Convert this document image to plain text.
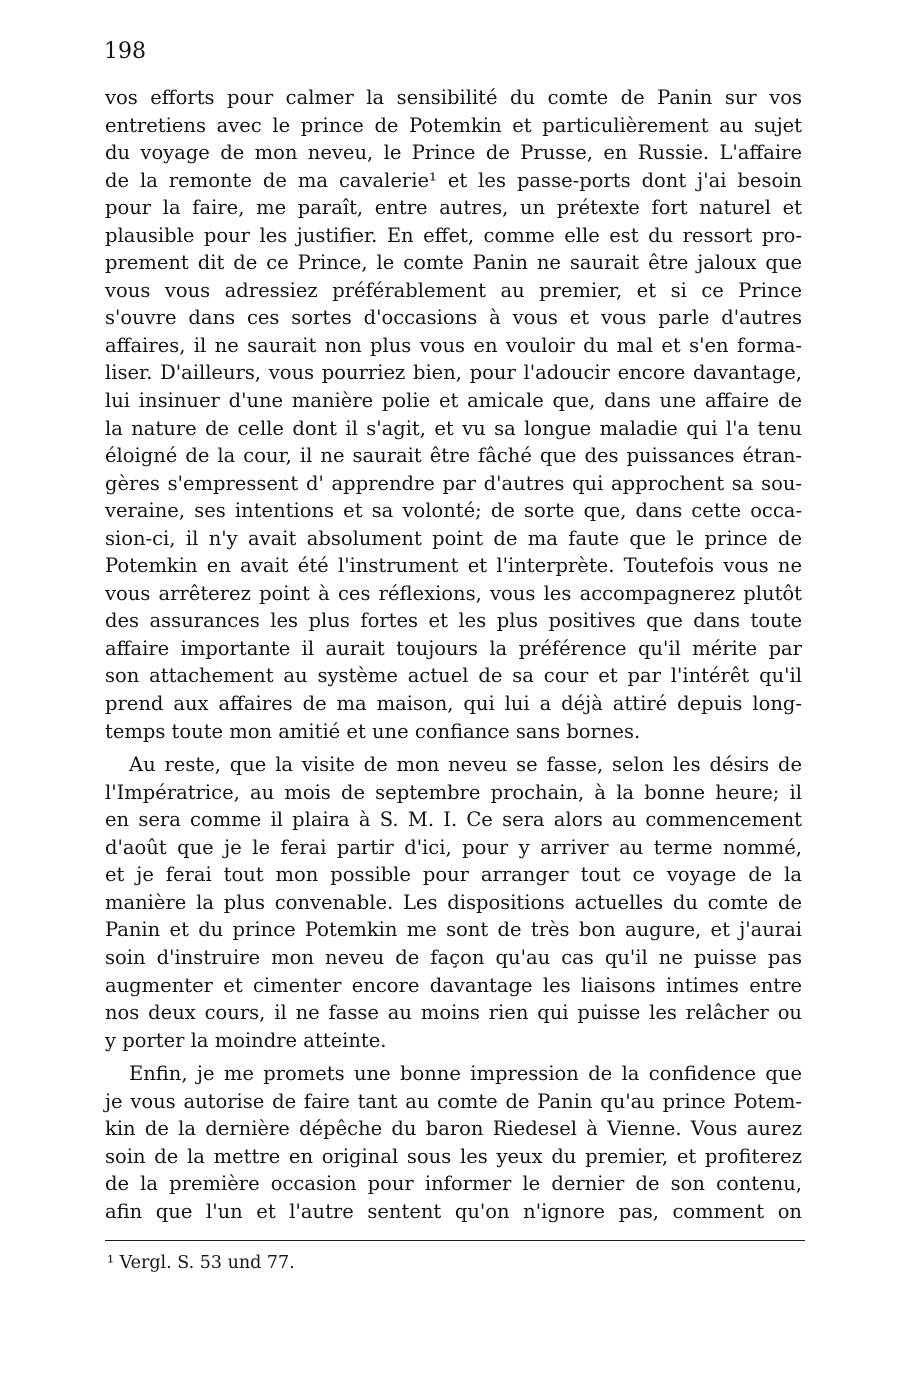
198

vos efforts pour calmer la sensibilité du comte de Panin sur vos
entretiens avec le prince de Potemkin et particulièrement au sujet
du voyage de mon neveu, le Prince de Prusse, en Russie. L'affaire
de la remonte de ma cavalerie¹ et les passe-ports dont j'ai besoin
pour la faire, me paraît, entre autres, un prétexte fort naturel et
plausible pour les justifier. En effet, comme elle est du ressort pro-
prement dit de ce Prince, le comte Panin ne saurait être jaloux que
vous vous adressiez préférablement au premier, et si ce Prince
s'ouvre dans ces sortes d'occasions à vous et vous parle d'autres
affaires, il ne saurait non plus vous en vouloir du mal et s'en forma-
liser. D'ailleurs, vous pourriez bien, pour l'adoucir encore davantage,
lui insinuer d'une manière polie et amicale que, dans une affaire de
la nature de celle dont il s'agit, et vu sa longue maladie qui l'a tenu
éloigné de la cour, il ne saurait être fâché que des puissances étran-
gères s'empressent d' apprendre par d'autres qui approchent sa sou-
veraine, ses intentions et sa volonté; de sorte que, dans cette occa-
sion-ci, il n'y avait absolument point de ma faute que le prince de
Potemkin en avait été l'instrument et l'interprète. Toutefois vous ne
vous arrêterez point à ces réflexions, vous les accompagnerez plutôt
des assurances les plus fortes et les plus positives que dans toute
affaire importante il aurait toujours la préférence qu'il mérite par
son attachement au système actuel de sa cour et par l'intérêt qu'il
prend aux affaires de ma maison, qui lui a déjà attiré depuis long-
temps toute mon amitié et une confiance sans bornes.
Au reste, que la visite de mon neveu se fasse, selon les désirs de
l'Impératrice, au mois de septembre prochain, à la bonne heure; il
en sera comme il plaira à S. M. I. Ce sera alors au commencement
d'août que je le ferai partir d'ici, pour y arriver au terme nommé,
et je ferai tout mon possible pour arranger tout ce voyage de la
manière la plus convenable. Les dispositions actuelles du comte de
Panin et du prince Potemkin me sont de très bon augure, et j'aurai
soin d'instruire mon neveu de façon qu'au cas qu'il ne puisse pas
augmenter et cimenter encore davantage les liaisons intimes entre
nos deux cours, il ne fasse au moins rien qui puisse les relâcher ou
y porter la moindre atteinte.
Enfin, je me promets une bonne impression de la confidence que
je vous autorise de faire tant au comte de Panin qu'au prince Potem-
kin de la dernière dépêche du baron Riedesel à Vienne. Vous aurez
soin de la mettre en original sous les yeux du premier, et profiterez
de la première occasion pour informer le dernier de son contenu,
afin que l'un et l'autre sentent qu'on n'ignore pas, comment on
¹ Vergl. S. 53 und 77.
